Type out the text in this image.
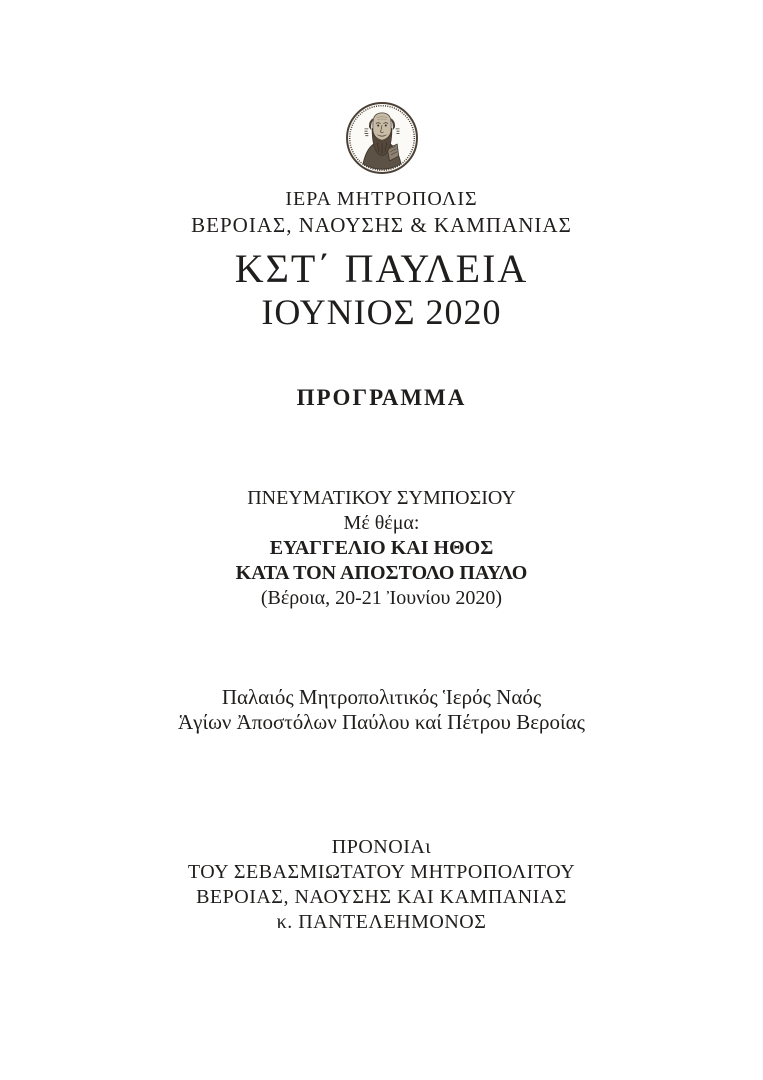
ΙΕΡΑ ΜΗΤΡΟΠΟΛΙΣ
ΒΕΡΟΙΑΣ, ΝΑΟΥΣΗΣ & ΚΑΜΠΑΝΙΑΣ
ΚΣΤ΄ ΠΑΥΛΕΙΑ
ΙΟΥΝΙΟΣ 2020
ΠΡΟΓΡΑΜΜΑ
ΠΝΕΥΜΑΤΙΚΟΥ ΣΥΜΠΟΣΙΟΥ
Μέ θέμα:
ΕΥΑΓΓΕΛΙΟ ΚΑΙ ΗΘΟΣ
ΚΑΤΑ ΤΟΝ ΑΠΟΣΤΟΛΟ ΠΑΥΛΟ
(Βέροια, 20-21 Ἰουνίου 2020)
Παλαιός Μητροπολιτικός Ἱερός Ναός
Ἁγίων Ἀποστόλων Παύλου καί Πέτρου Βεροίας
ΠΡΟΝΟΙΑι
ΤΟΥ ΣΕΒΑΣΜΙΩΤΑΤΟΥ ΜΗΤΡΟΠΟΛΙΤΟΥ
ΒΕΡΟΙΑΣ, ΝΑΟΥΣΗΣ ΚΑΙ ΚΑΜΠΑΝΙΑΣ
κ. ΠΑΝΤΕΛΕΗΜΟΝΟΣ
